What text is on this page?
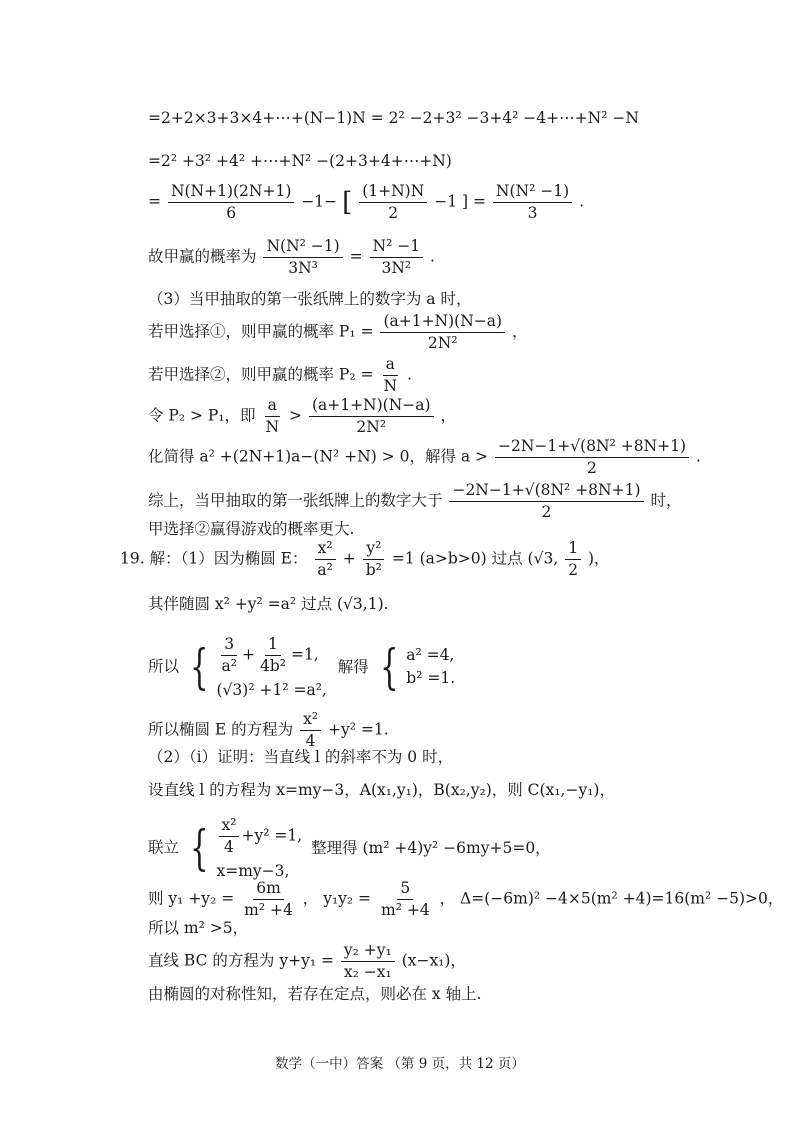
=2+2×3+3×4+⋯+(N−1)N = 2² −2+3² −3+4² −4+⋯+N² −N
=2² +3² +4² +⋯+N² −(2+3+4+⋯+N)
= $\frac{N(N+1)(2N+1)}{6} -1-$ [ $\frac{(1+N)N}{2} -1$ ] = $\frac{\text{N(N² −1)}}{3}$ .
故甲赢的概率为 $\frac{\text{N(N² −1)}}{\text{3N³}} = \frac{\text{N² −1}}{\text{3N²}}$ .
（3）当甲抽取的第一张纸牌上的数字为 a 时，
若甲选择①，则甲赢的概率 $P_1 = \frac{(a+1+N)(N-a)}{\text{2N²}}$ ，
若甲选择②，则甲赢的概率 $P_2 = \frac{a}{N}$ .
令 P₂ > P₁，即 $\frac{a}{N} > \frac{(a+1+N)(N-a)}{\text{2N²}}$ ，
化简得 a² +(2N+1)a−(N² +N) > 0，解得 $a > \frac{\text{−2N−1+√(8N² +8N+1)}}{2}$ .
综上，当甲抽取的第一张纸牌上的数字大于 $\frac{\text{−2N−1+√(8N² +8N+1)}}{2}$ 时，
甲选择②赢得游戏的概率更大.
19. 解：（1）因为椭圆 E： $\frac{\text{x²}}{\text{a²}} + \frac{\text{y²}}{\text{b²}} =1$ (a>b>0) 过点 (√3, $\frac{1}{2}$ )，
其伴随圆 x² +y² =a² 过点 (√3,1).
所以 { $\frac{3}{\text{a²}} + \frac{1}{\text{4b²}} =1$,
(√3)² +1² =a²,
解得 { a² =4,
b² =1.
所以椭圆 E 的方程为 $\frac{\text{x²}}{4} +y^2 =1$.
（2）（i）证明：当直线 l 的斜率不为 0 时，
设直线 l 的方程为 x=my−3，A(x₁,y₁)，B(x₂,y₂)，则 C(x₁,−y₁)，
联立 { $\frac{\text{x²}}{4} +y^2 =1$,
x=my−3,
整理得 (m² +4)y² −6my+5=0，
则 $y_1 +y_2 = \frac{6m}{\text{m² +4}}$ ， $y_1y_2 = \frac{5}{\text{m² +4}}$ ， Δ=(−6m)² −4×5(m² +4)=16(m² −5)>0，
所以 m² >5，
直线 BC 的方程为 $y+y_1 = \frac{\text{y₂ +y₁}}{\text{x₂ −x₁}} (x-x_1)$，
由椭圆的对称性知，若存在定点，则必在 x 轴上.
数学（一中）答案 （第 9 页，共 12 页）
